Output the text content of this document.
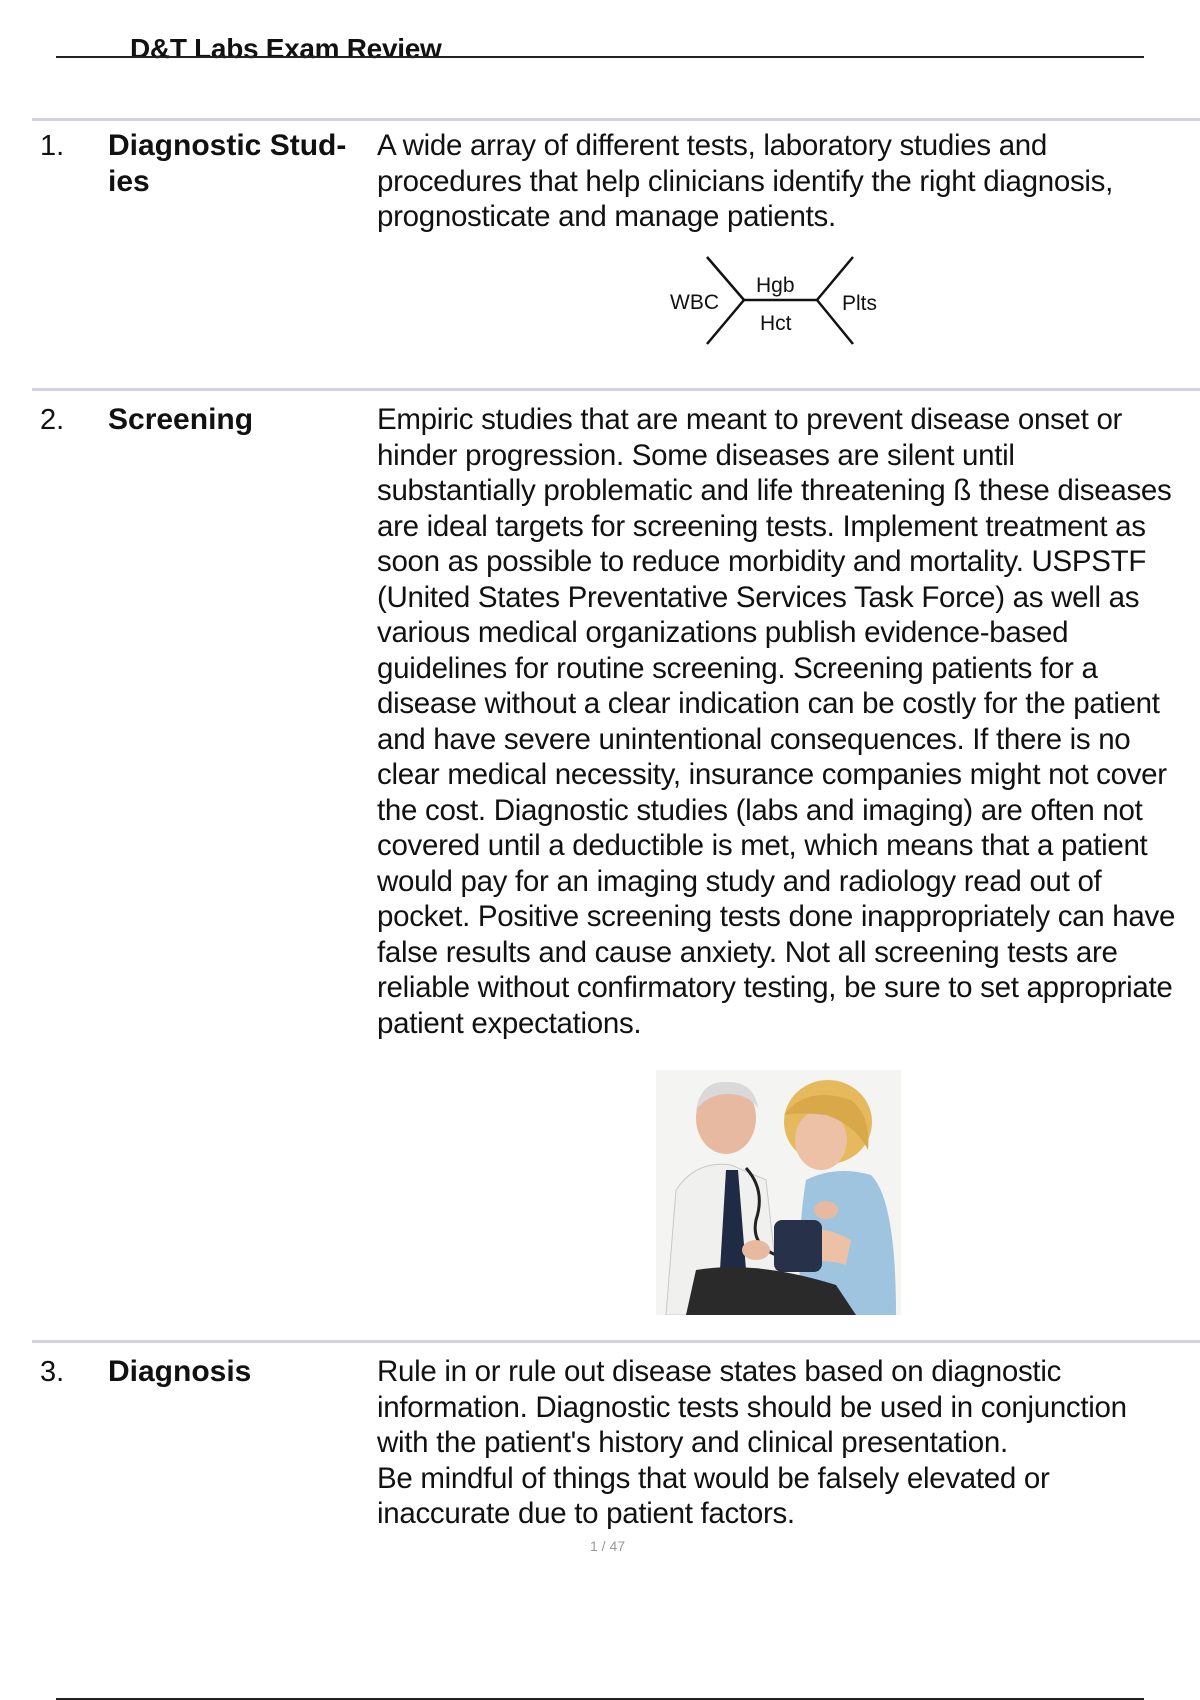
D&T Labs Exam Review
1. Diagnostic Stud-
ies
A wide array of different tests, laboratory studies and procedures that help clinicians identify the right diagnosis, prognosticate and manage patients.
WBC
Hgb
Hct
Plts
2. Screening	Empiric studies that are meant to prevent disease onset or hinder progression. Some diseases are silent until substantially problematic and life threatening ß these diseases are ideal targets for screening tests. Implement treatment as soon as possible to reduce morbidity and mortality. USPSTF (United States Preventative Services Task Force) as well as various medical organizations publish evidence-based guidelines for routine screening. Screening patients for a disease without a clear indication can be costly for the patient and have severe unintentional consequences. If there is no clear medical necessity, insurance companies might not cover the cost. Diagnostic studies (labs and imaging) are often not covered until a deductible is met, which means that a patient would pay for an imaging study and radiology read out of pocket. Positive screening tests done inappropriately can have false results and cause anxiety. Not all screening tests are reliable without confirmatory testing, be sure to set appropriate patient expectations.
3. Diagnosis	Rule in or rule out disease states based on diagnostic information. Diagnostic tests should be used in conjunction with the patient's history and clinical presentation.

Be mindful of things that would be falsely elevated or inaccurate due to patient factors.

1 / 47
